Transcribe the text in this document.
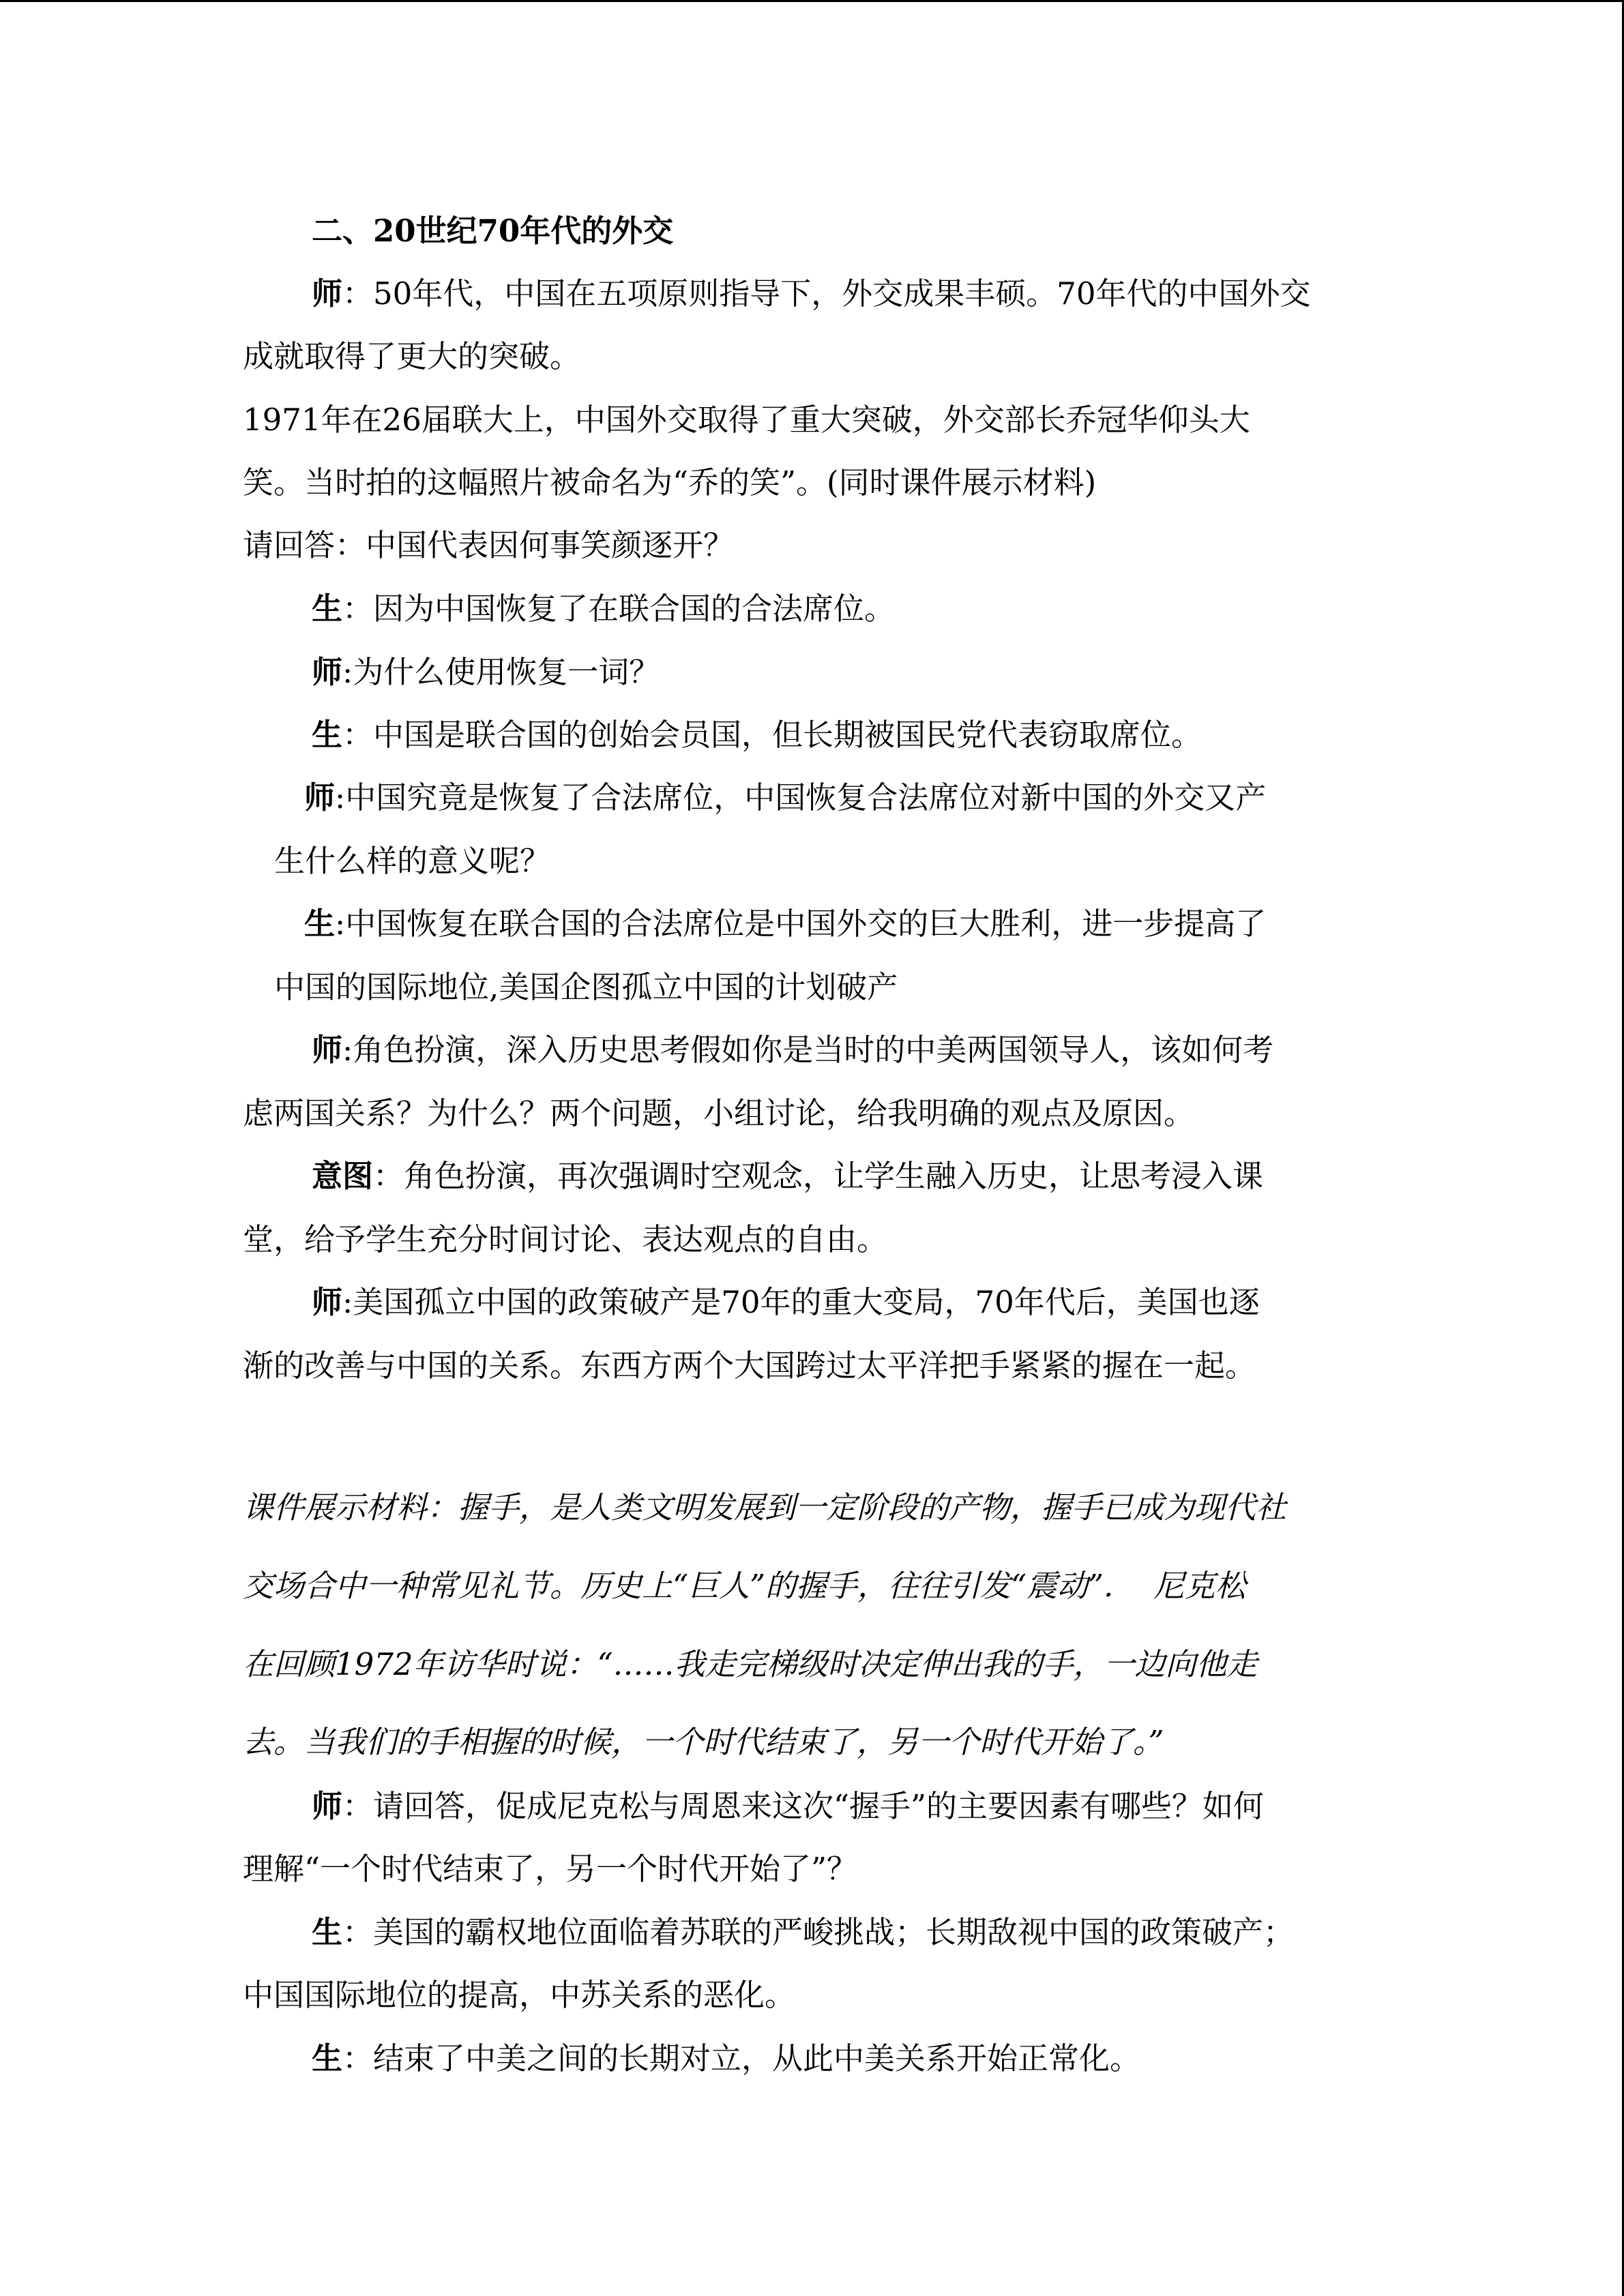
二、20世纪70年代的外交
师：50年代，中国在五项原则指导下，外交成果丰硕。70年代的中国外交
成就取得了更大的突破。
1971年在26届联大上，中国外交取得了重大突破，外交部长乔冠华仰头大
笑。当时拍的这幅照片被命名为“乔的笑”。(同时课件展示材料)
请回答：中国代表因何事笑颜逐开？
生：因为中国恢复了在联合国的合法席位。
师:为什么使用恢复一词？
生：中国是联合国的创始会员国，但长期被国民党代表窃取席位。
师:中国究竟是恢复了合法席位，中国恢复合法席位对新中国的外交又产
生什么样的意义呢？
生:中国恢复在联合国的合法席位是中国外交的巨大胜利，进一步提高了
中国的国际地位,美国企图孤立中国的计划破产
师:角色扮演，深入历史思考假如你是当时的中美两国领导人，该如何考
虑两国关系？为什么？两个问题，小组讨论，给我明确的观点及原因。
意图：角色扮演，再次强调时空观念，让学生融入历史，让思考浸入课
堂，给予学生充分时间讨论、表达观点的自由。
师:美国孤立中国的政策破产是70年的重大变局，70年代后，美国也逐
渐的改善与中国的关系。东西方两个大国跨过太平洋把手紧紧的握在一起。
课件展示材料：握手，是人类文明发展到一定阶段的产物，握手已成为现代社
交场合中一种常见礼节。历史上“巨人”的握手，往往引发“震动”.　 尼克松
在回顾1972年访华时说：“……我走完梯级时决定伸出我的手，一边向他走
去。当我们的手相握的时候，一个时代结束了，另一个时代开始了。”
师：请回答，促成尼克松与周恩来这次“握手”的主要因素有哪些？如何
理解“一个时代结束了，另一个时代开始了”？
生：美国的霸权地位面临着苏联的严峻挑战；长期敌视中国的政策破产；
中国国际地位的提高，中苏关系的恶化。
生：结束了中美之间的长期对立，从此中美关系开始正常化。
